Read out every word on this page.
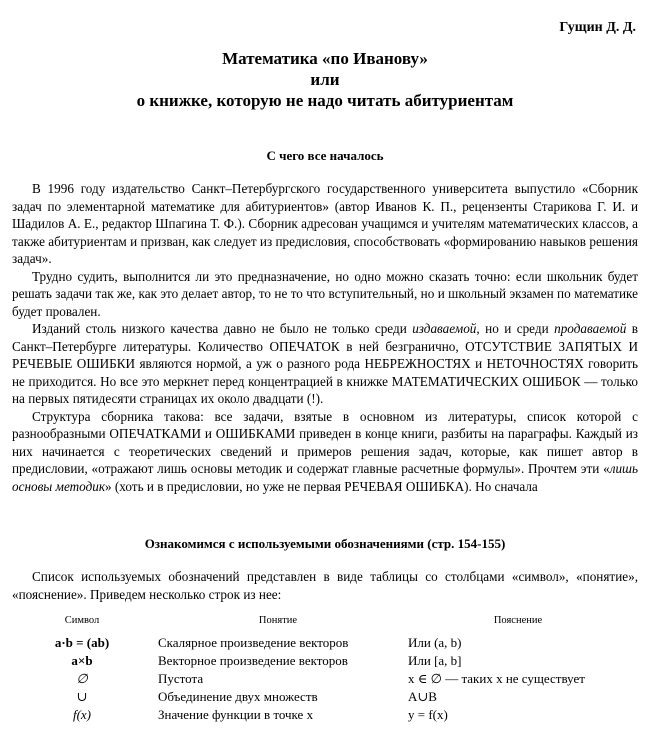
Гущин Д. Д.
Математика «по Иванову»
или
о книжке, которую не надо читать абитуриентам
С чего все началось

В 1996 году издательство Санкт–Петербургского государственного университета выпустило «Сборник задач по элементарной математике для абитуриентов» (автор Иванов К. П., рецензенты Старикова Г. И. и Шадилов А. Е., редактор Шпагина Т. Ф.). Сборник адресован учащимся и учителям математических классов, а также абитуриентам и призван, как следует из предисловия, способствовать «формированию навыков решения задач».

Трудно судить, выполнится ли это предназначение, но одно можно сказать точно: если школьник будет решать задачи так же, как это делает автор, то не то что вступительный, но и школьный экзамен по математике будет провален.

Изданий столь низкого качества давно не было не только среди издаваемой, но и среди продаваемой в Санкт–Петербурге литературы. Количество ОПЕЧАТОК в ней безгранично, ОТСУТСТВИЕ ЗАПЯТЫХ И РЕЧЕВЫЕ ОШИБКИ являются нормой, а уж о разного рода НЕБРЕЖНОСТЯХ и НЕТОЧНОСТЯХ говорить не приходится. Но все это меркнет перед концентрацией в книжке МАТЕМАТИЧЕСКИХ ОШИБОК — только на первых пятидесяти страницах их около двадцати (!).

Структура сборника такова: все задачи, взятые в основном из литературы, список которой с разнообразными ОПЕЧАТКАМИ и ОШИБКАМИ приведен в конце книги, разбиты на параграфы. Каждый из них начинается с теоретических сведений и примеров решения задач, которые, как пишет автор в предисловии, «отражают лишь основы методик и содержат главные расчетные формулы». Прочтем эти «лишь основы методик» (хоть и в предисловии, но уже не первая РЕЧЕВАЯ ОШИБКА). Но сначала

Ознакомимся с используемыми обозначениями (стр. 154-155)

Список используемых обозначений представлен в виде таблицы со столбцами «символ», «понятие», «пояснение». Приведем несколько строк из нее:

Символ	Понятие	Пояснение
a·b = (ab)	Скалярное произведение векторов	Или (a, b)
a×b	Векторное произведение векторов	Или [a, b]
∅	Пустота	x ∈ ∅ — таких x не существует
∪	Объединение двух множеств	A∪B
f(x)	Значение функции в точке x	y = f(x)
